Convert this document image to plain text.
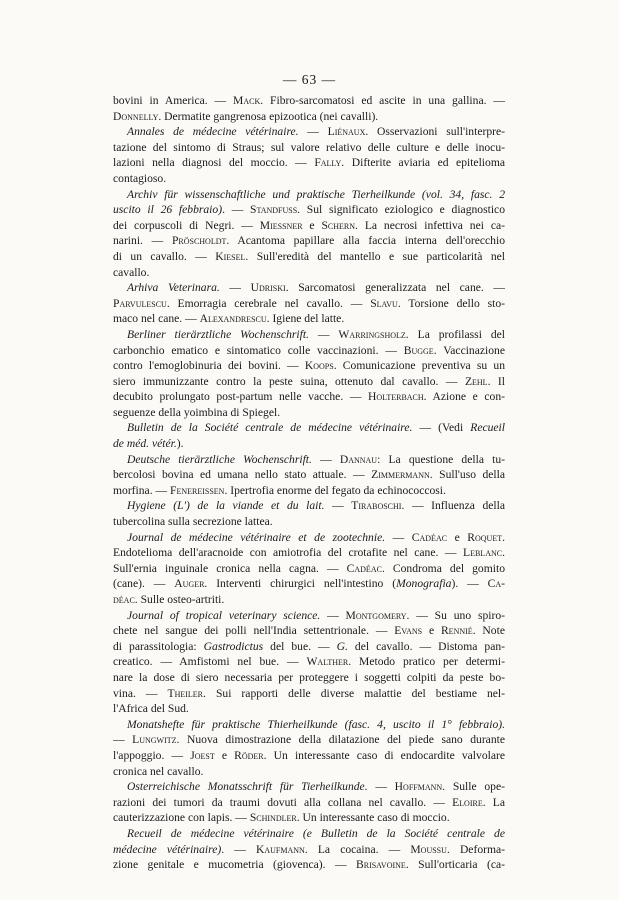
— 63 —
bovini in America. — Mack. Fibro-sarcomatosi ed ascite in una gallina. —
Donnelly. Dermatite gangrenosa epizootica (nei cavalli).
Annales de médecine vétérinaire. — Liénaux. Osservazioni sull'interpre-
tazione del sintomo di Straus; sul valore relativo delle culture e delle inocu-
lazioni nella diagnosi del moccio. — Fally. Difterite aviaria ed epitelioma
contagioso.
Archiv für wissenschaftliche und praktische Tierheilkunde (vol. 34, fasc. 2
uscito il 26 febbraio). — Standfuss. Sul significato eziologico e diagnostico
dei corpuscoli di Negri. — Miessner e Schern. La necrosi infettiva nei ca-
narini. — Pröscholdt. Acantoma papillare alla faccia interna dell'orecchio
di un cavallo. — Kiesel. Sull'eredità del mantello e sue particolarità nel
cavallo.
Arhiva Veterinara. — Udriski. Sarcomatosi generalizzata nel cane. —
Parvulescu. Emorragia cerebrale nel cavallo. — Slavu. Torsione dello sto-
maco nel cane. — Alexandrescu. Igiene del latte.
Berliner tierärztliche Wochenschrift. — Warringsholz. La profilassi del
carbonchio ematico e sintomatico colle vaccinazioni. — Bugge. Vaccinazione
contro l'emoglobinuria dei bovini. — Koops. Comunicazione preventiva su un
siero immunizzante contro la peste suina, ottenuto dal cavallo. — Zehl. Il
decubito prolungato post-partum nelle vacche. — Holterbach. Azione e con-
seguenze della yoimbina di Spiegel.
Bulletin de la Société centrale de médecine vétérinaire. — (Vedi Recueil
de méd. vétér.).
Deutsche tierärztliche Wochenschrift. — Dannau: La questione della tu-
bercolosi bovina ed umana nello stato attuale. — Zimmermann. Sull'uso della
morfina. — Fenereissen. Ipertrofia enorme del fegato da echinococcosi.
Hygiene (L') de la viande et du lait. — Tiraboschi. — Influenza della
tubercolina sulla secrezione lattea.
Journal de médecine vétérinaire et de zootechnie. — Cadéac e Roquet.
Endotelioma dell'aracnoide con amiotrofia del crotafite nel cane. — Leblanc.
Sull'ernia inguinale cronica nella cagna. — Cadéac. Condroma del gomito
(cane). — Auger. Interventi chirurgici nell'intestino (Monografia). — Ca-
déac. Sulle osteo-artriti.
Journal of tropical veterinary science. — Montgomery. — Su uno spiro-
chete nel sangue dei polli nell'India settentrionale. — Evans e Rennié. Note
di parassitologia: Gastrodictus del bue. — G. del cavallo. — Distoma pan-
creatico. — Amfistomi nel bue. — Walther. Metodo pratico per determi-
nare la dose di siero necessaria per proteggere i soggetti colpiti da peste bo-
vina. — Theiler. Sui rapporti delle diverse malattie del bestiame nel-
l'Africa del Sud.
Monatshefte für praktische Thierheilkunde (fasc. 4, uscito il 1° febbraio).
— Lungwitz. Nuova dimostrazione della dilatazione del piede sano durante
l'appoggio. — Joest e Röder. Un interessante caso di endocardite valvolare
cronica nel cavallo.
Osterreichische Monatsschrift für Tierheilkunde. — Hoffmann. Sulle ope-
razioni dei tumori da traumi dovuti alla collana nel cavallo. — Eloire. La
cauterizzazione con lapis. — Schindler. Un interessante caso di moccio.
Recueil de médecine vétérinaire (e Bulletin de la Société centrale de
médecine vétérinaire). — Kaufmann. La cocaina. — Moussu. Deforma-
zione genitale e mucometria (giovenca). — Brisavoine. Sull'orticaria (ca-
